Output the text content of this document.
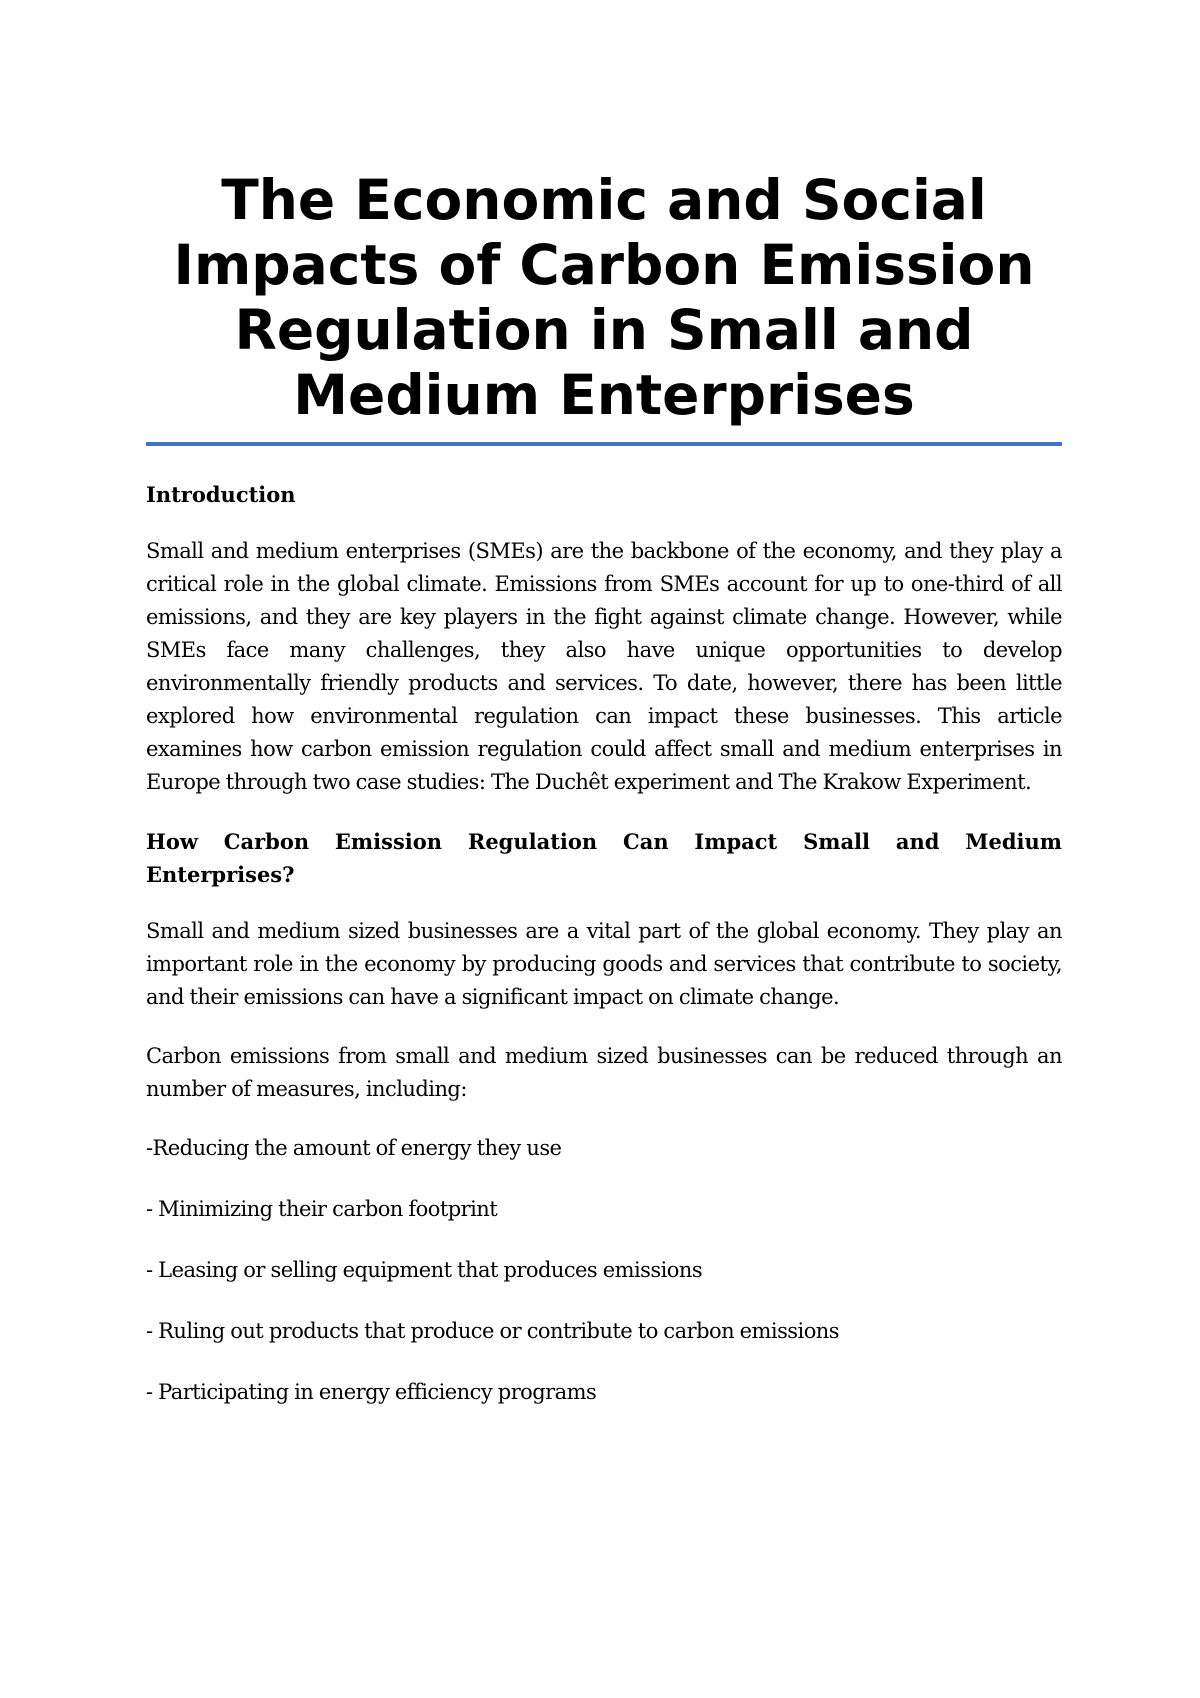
The Economic and Social Impacts of Carbon Emission Regulation in Small and Medium Enterprises

Introduction

Small and medium enterprises (SMEs) are the backbone of the economy, and they play a critical role in the global climate. Emissions from SMEs account for up to one-third of all emissions, and they are key players in the fight against climate change. However, while SMEs face many challenges, they also have unique opportunities to develop environmentally friendly products and services. To date, however, there has been little explored how environmental regulation can impact these businesses. This article examines how carbon emission regulation could affect small and medium enterprises in Europe through two case studies: The Duchêt experiment and The Krakow Experiment.

How Carbon Emission Regulation Can Impact Small and Medium Enterprises?

Small and medium sized businesses are a vital part of the global economy. They play an important role in the economy by producing goods and services that contribute to society, and their emissions can have a significant impact on climate change.

Carbon emissions from small and medium sized businesses can be reduced through an number of measures, including:

-Reducing the amount of energy they use

- Minimizing their carbon footprint

- Leasing or selling equipment that produces emissions

- Ruling out products that produce or contribute to carbon emissions

- Participating in energy efficiency programs
